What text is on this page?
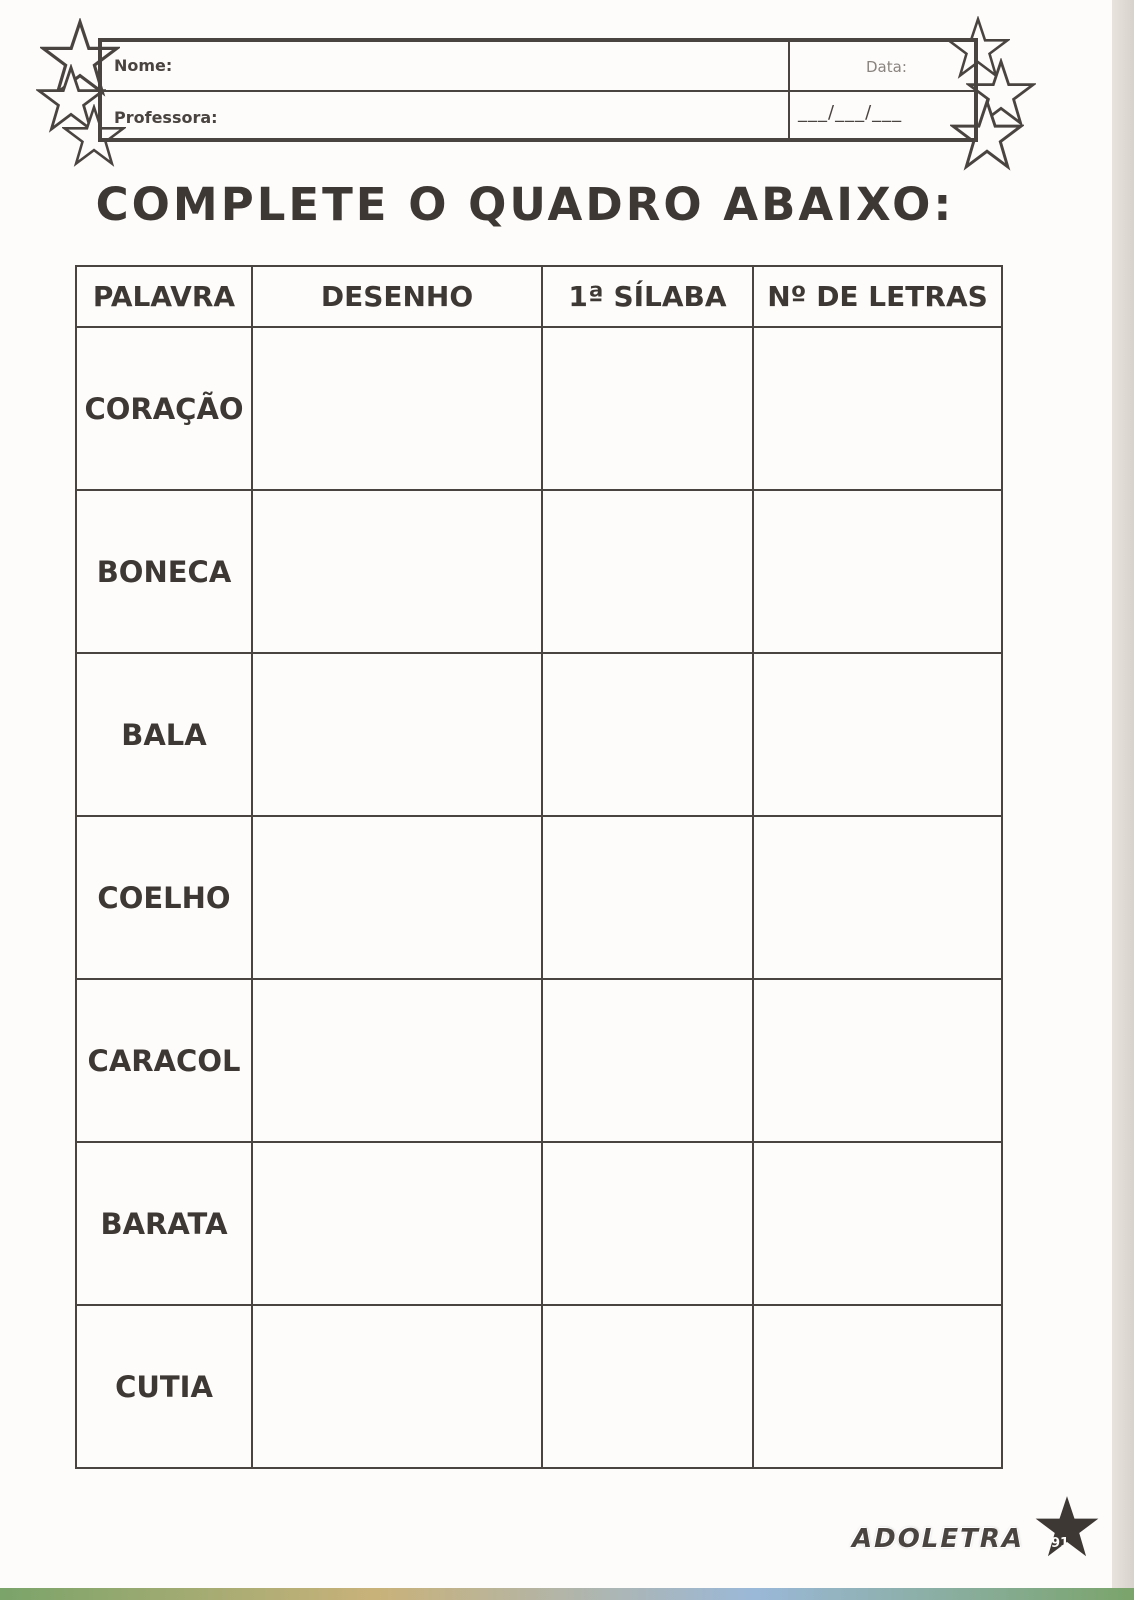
Nome:
Professora:
Data:
___/___/___
COMPLETE O QUADRO ABAIXO:
PALAVRA	DESENHO	1ª SÍLABA	Nº DE LETRAS
CORAÇÃO			
BONECA			
BALA			
COELHO			
CARACOL			
BARATA			
CUTIA			
ADOLETRA	91
